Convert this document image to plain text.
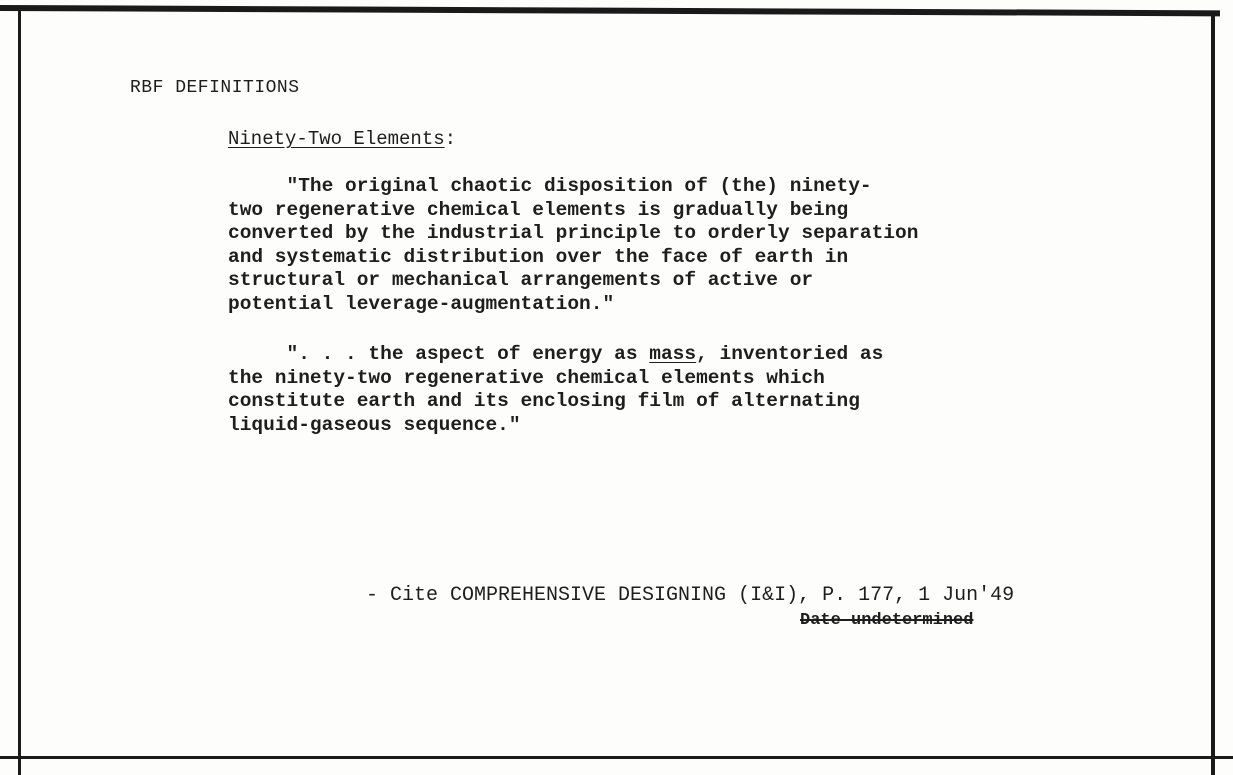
RBF DEFINITIONS
Ninety-Two Elements:
"The original chaotic disposition of (the) ninety-
two regenerative chemical elements is gradually being
converted by the industrial principle to orderly separation
and systematic distribution over the face of earth in
structural or mechanical arrangements of active or
potential leverage-augmentation."
". . . the aspect of energy as mass, inventoried as
the ninety-two regenerative chemical elements which
constitute earth and its enclosing film of alternating
liquid-gaseous sequence."
- Cite COMPREHENSIVE DESIGNING (I&I), P. 177, 1 Jun'49
Date undetermined
